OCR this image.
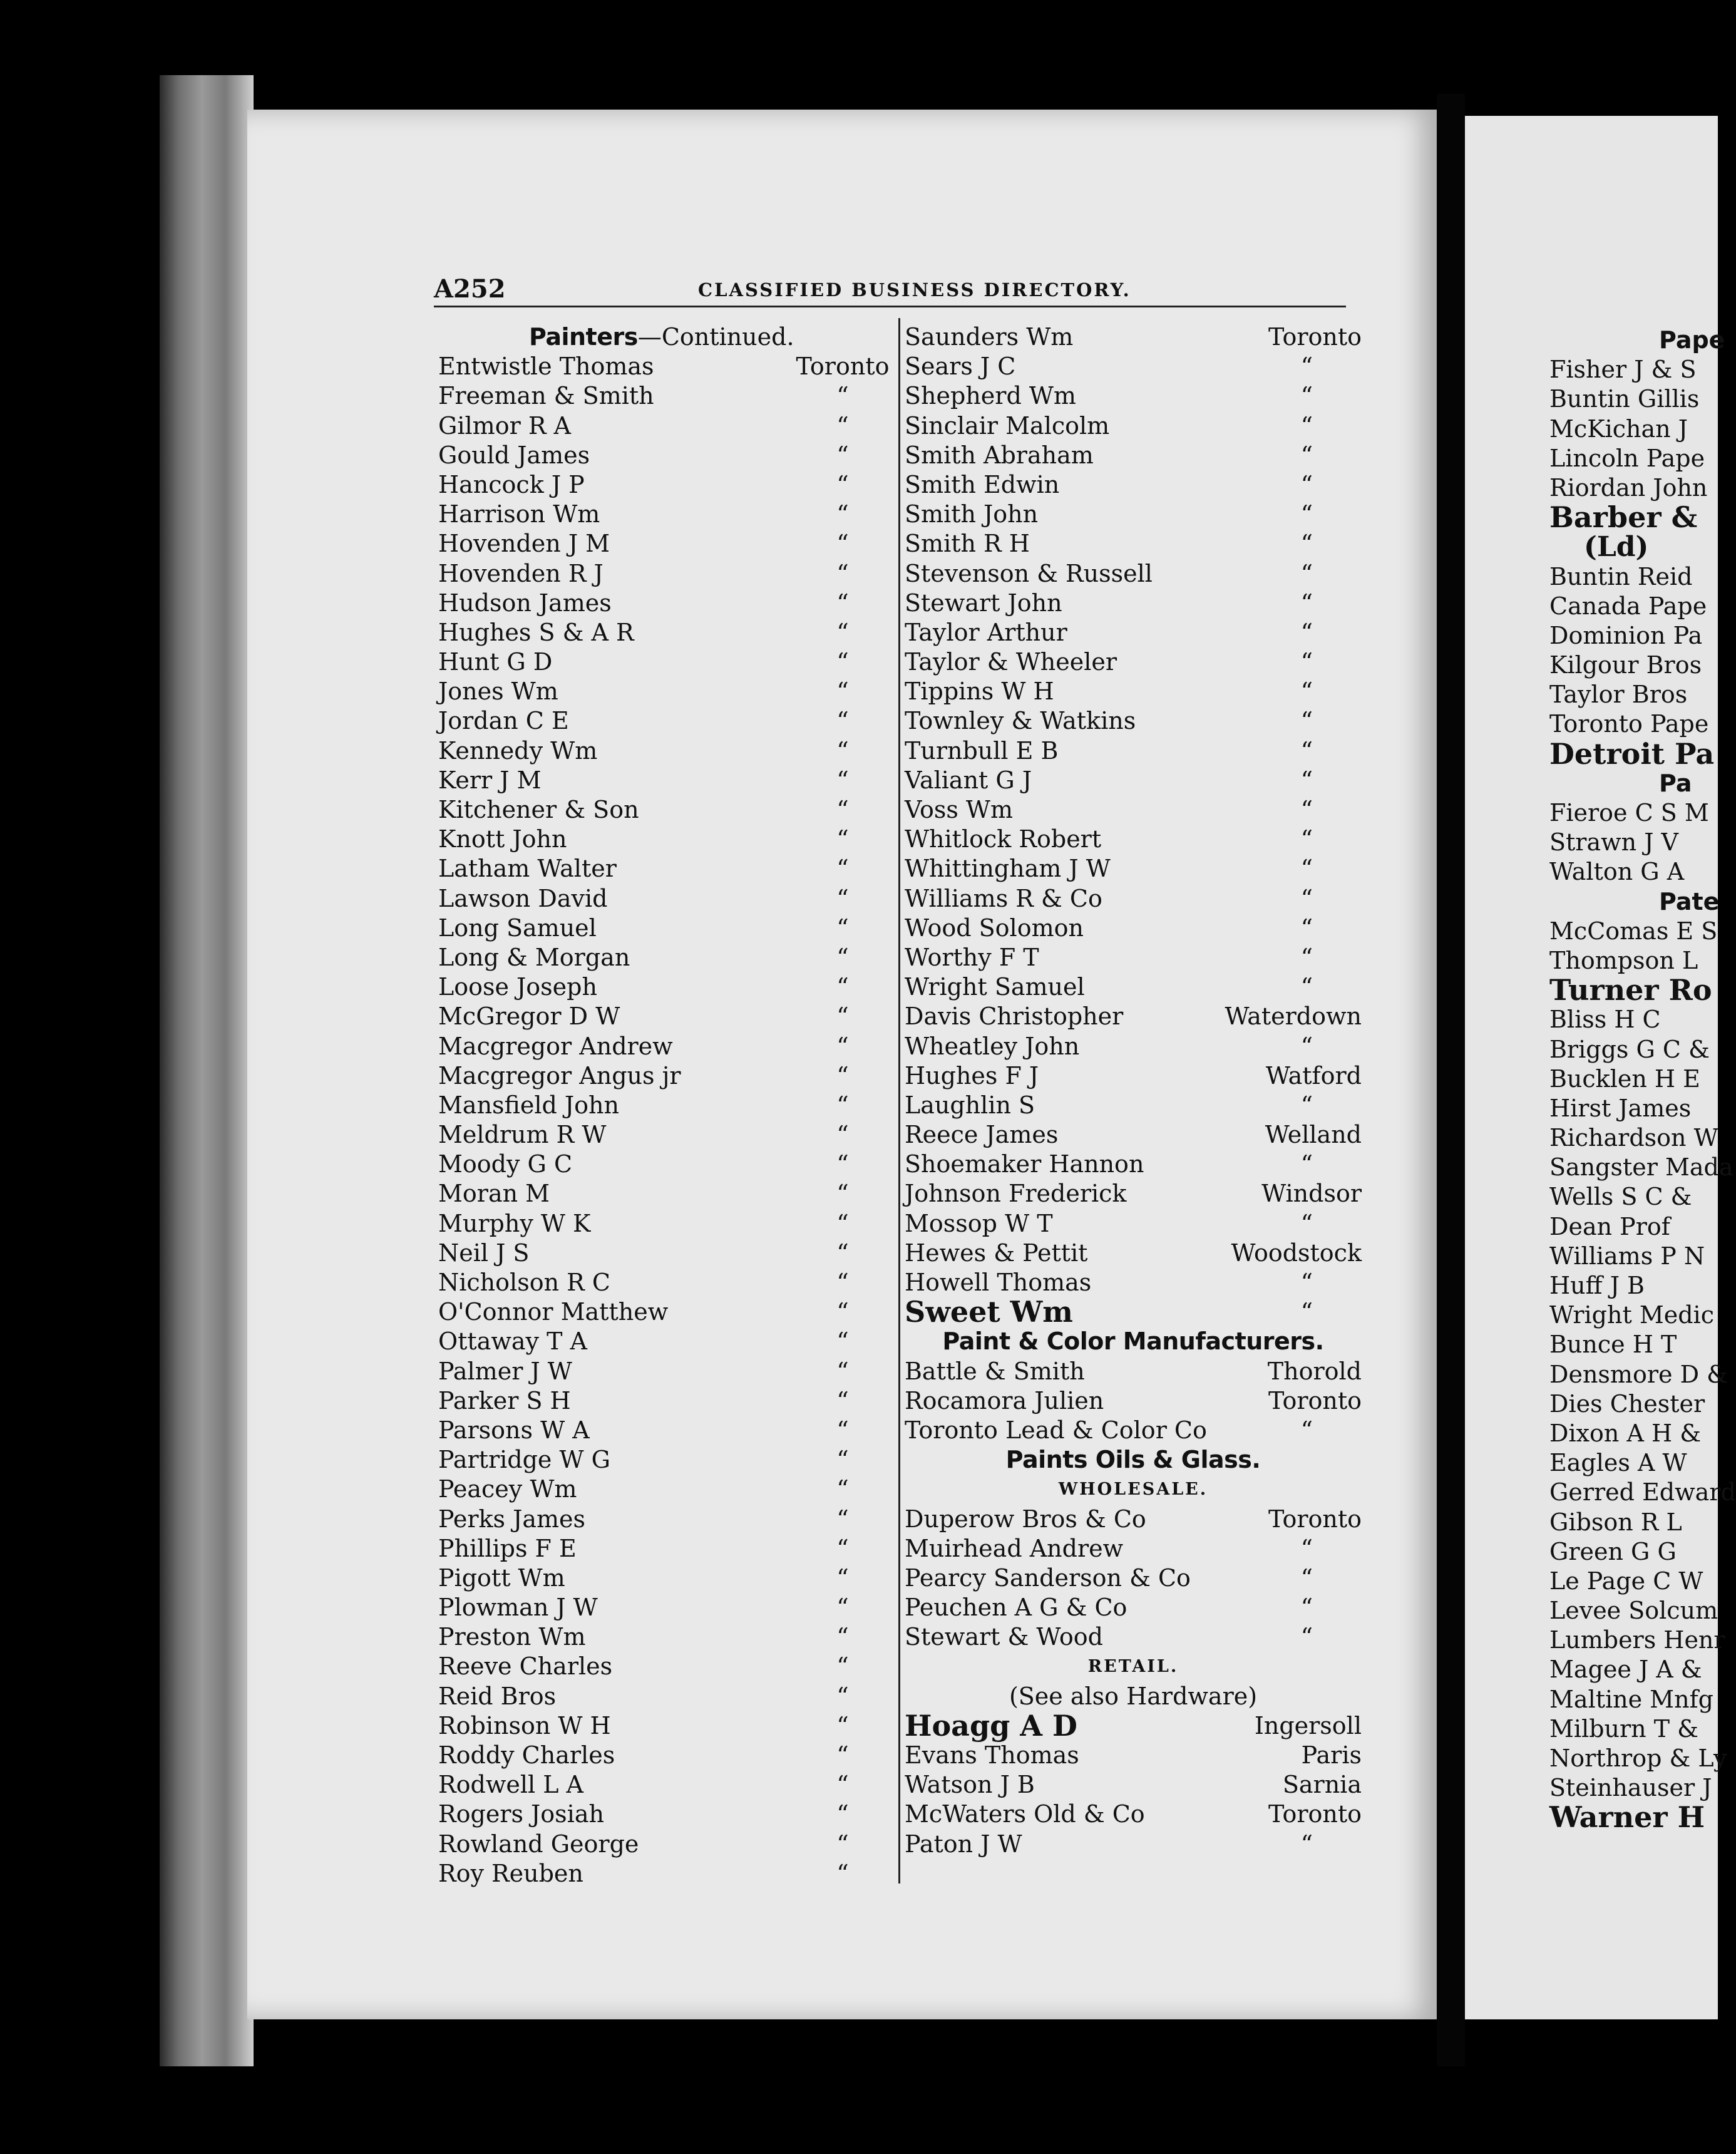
A252	CLASSIFIED BUSINESS DIRECTORY.
Painters—Continued.
Entwistle Thomas	Toronto
Freeman & Smith	“
Gilmor R A	“
Gould James	“
Hancock J P	“
Harrison Wm	“
Hovenden J M	“
Hovenden R J	“
Hudson James	“
Hughes S & A R	“
Hunt G D	“
Jones Wm	“
Jordan C E	“
Kennedy Wm	“
Kerr J M	“
Kitchener & Son	“
Knott John	“
Latham Walter	“
Lawson David	“
Long Samuel	“
Long & Morgan	“
Loose Joseph	“
McGregor D W	“
Macgregor Andrew	“
Macgregor Angus jr	“
Mansfield John	“
Meldrum R W	“
Moody G C	“
Moran M	“
Murphy W K	“
Neil J S	“
Nicholson R C	“
O'Connor Matthew	“
Ottaway T A	“
Palmer J W	“
Parker S H	“
Parsons W A	“
Partridge W G	“
Peacey Wm	“
Perks James	“
Phillips F E	“
Pigott Wm	“
Plowman J W	“
Preston Wm	“
Reeve Charles	“
Reid Bros	“
Robinson W H	“
Roddy Charles	“
Rodwell L A	“
Rogers Josiah	“
Rowland George	“
Roy Reuben	“
Saunders Wm	Toronto
Sears J C	“
Shepherd Wm	“
Sinclair Malcolm	“
Smith Abraham	“
Smith Edwin	“
Smith John	“
Smith R H	“
Stevenson & Russell	“
Stewart John	“
Taylor Arthur	“
Taylor & Wheeler	“
Tippins W H	“
Townley & Watkins	“
Turnbull E B	“
Valiant G J	“
Voss Wm	“
Whitlock Robert	“
Whittingham J W	“
Williams R & Co	“
Wood Solomon	“
Worthy F T	“
Wright Samuel	“
Davis Christopher	Waterdown
Wheatley John	“
Hughes F J	Watford
Laughlin S	“
Reece James	Welland
Shoemaker Hannon	“
Johnson Frederick	Windsor
Mossop W T	“
Hewes & Pettit	Woodstock
Howell Thomas	“
Sweet Wm	“
Paint & Color Manufacturers.
Battle & Smith	Thorold
Rocamora Julien	Toronto
Toronto Lead & Color Co	“
Paints Oils & Glass.
WHOLESALE.
Duperow Bros & Co	Toronto
Muirhead Andrew	“
Pearcy Sanderson & Co	“
Peuchen A G & Co	“
Stewart & Wood	“
RETAIL.
(See also Hardware)
Hoagg A D	Ingersoll
Evans Thomas	Paris
Watson J B	Sarnia
McWaters Old & Co	Toronto
Paton J W	“
Pape
Fisher J & S
Buntin Gillis
McKichan J
Lincoln Pape
Riordan John
Barber &
(Ld)
Buntin Reid
Canada Pape
Dominion Pa
Kilgour Bros
Taylor Bros
Toronto Pape
Detroit Pa
Pa
Fieroe C S M
Strawn J V
Walton G A
Pate
McComas E S
Thompson L
Turner Ro
Bliss H C
Briggs G C &
Bucklen H E
Hirst James
Richardson W
Sangster Mada
Wells S C &
Dean Prof
Williams P N
Huff J B
Wright Medic
Bunce H T
Densmore D &
Dies Chester
Dixon A H &
Eagles A W
Gerred Edward
Gibson R L
Green G G
Le Page C W
Levee Solcum
Lumbers Henr
Magee J A &
Maltine Mnfg
Milburn T &
Northrop & Ly
Steinhauser J
Warner H
